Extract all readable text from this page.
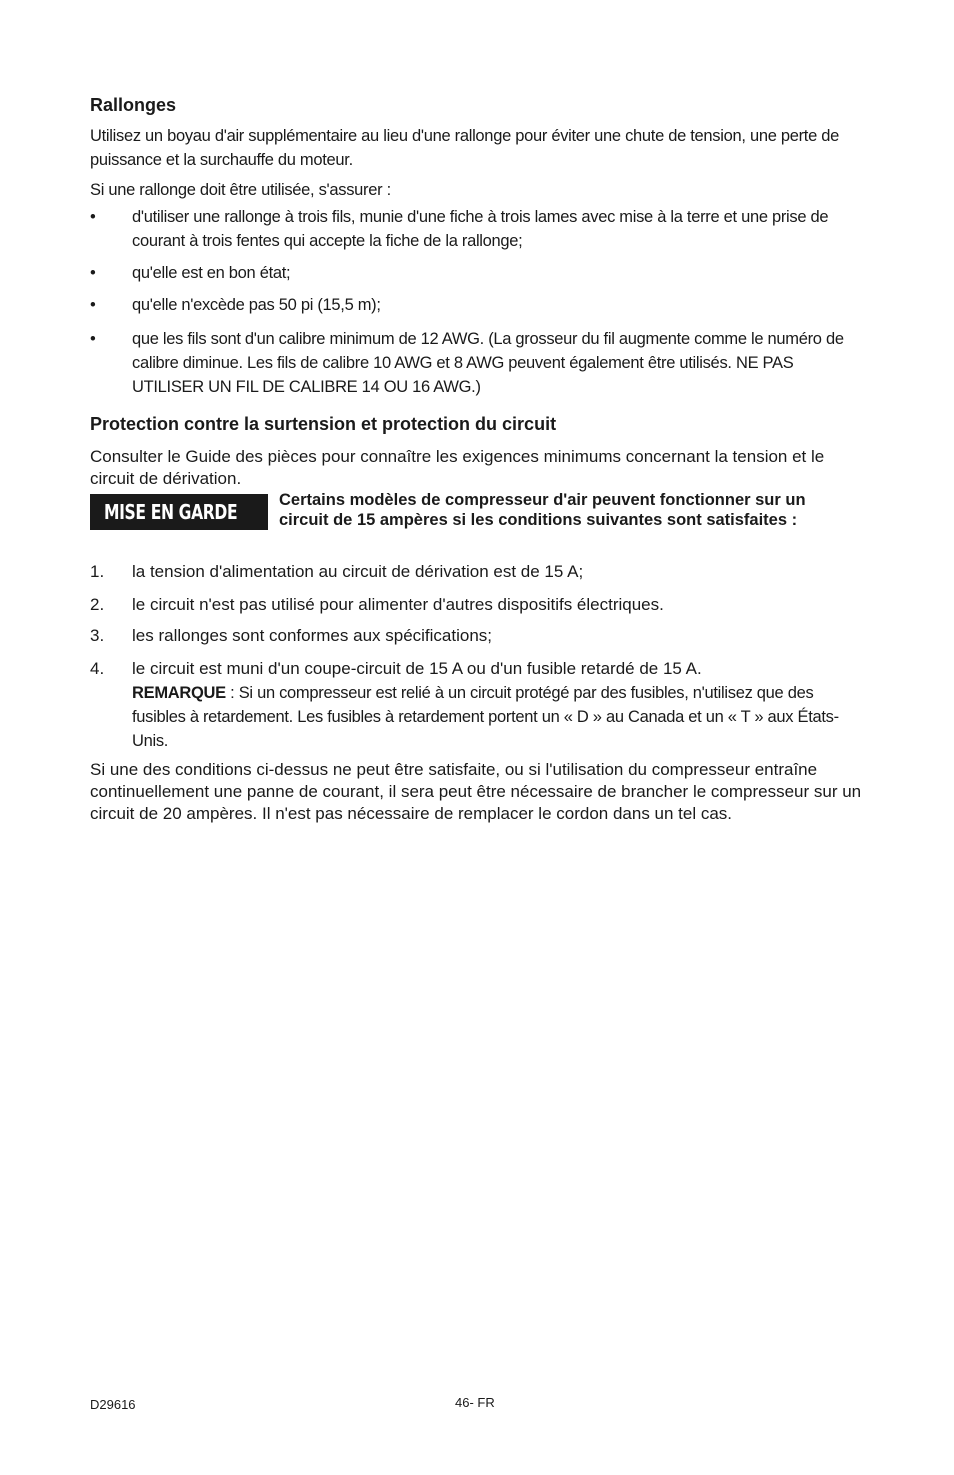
Rallonges
Utilisez un boyau d'air supplémentaire au lieu d'une rallonge pour éviter une chute de tension, une perte de puissance et la surchauffe du moteur.
Si une rallonge doit être utilisée, s'assurer :
•	d'utiliser une rallonge à trois fils, munie d'une fiche à trois lames avec mise à la terre et une prise de courant à trois fentes qui accepte la fiche de la rallonge;
•	qu'elle est en bon état;
•	qu'elle n'excède pas 50 pi (15,5 m);
•	que les fils sont d'un calibre minimum de 12 AWG. (La grosseur du fil augmente comme le numéro de calibre diminue. Les fils de calibre 10 AWG et 8 AWG peuvent également être utilisés. NE PAS UTILISER UN FIL DE CALIBRE 14 OU 16 AWG.)
Protection contre la surtension et protection du circuit
Consulter le Guide des pièces pour connaître les exigences minimums concernant la tension et le circuit de dérivation.
MISE EN GARDE	Certains modèles de compresseur d'air peuvent fonctionner sur un circuit de 15 ampères si les conditions suivantes sont satisfaites :
1.	la tension d'alimentation au circuit de dérivation est de 15 A;
2.	le circuit n'est pas utilisé pour alimenter d'autres dispositifs électriques.
3.	les rallonges sont conformes aux spécifications;
4.	le circuit est muni d'un coupe-circuit de 15 A ou d'un fusible retardé de 15 A.
REMARQUE : Si un compresseur est relié à un circuit protégé par des fusibles, n'utilisez que des fusibles à retardement. Les fusibles à retardement portent un « D » au Canada et un « T » aux États-Unis.
Si une des conditions ci-dessus ne peut être satisfaite, ou si l'utilisation du compresseur entraîne continuellement une panne de courant, il sera peut être nécessaire de brancher le compresseur sur un circuit de 20 ampères. Il n'est pas nécessaire de remplacer le cordon dans un tel cas.
D29616	46- FR
